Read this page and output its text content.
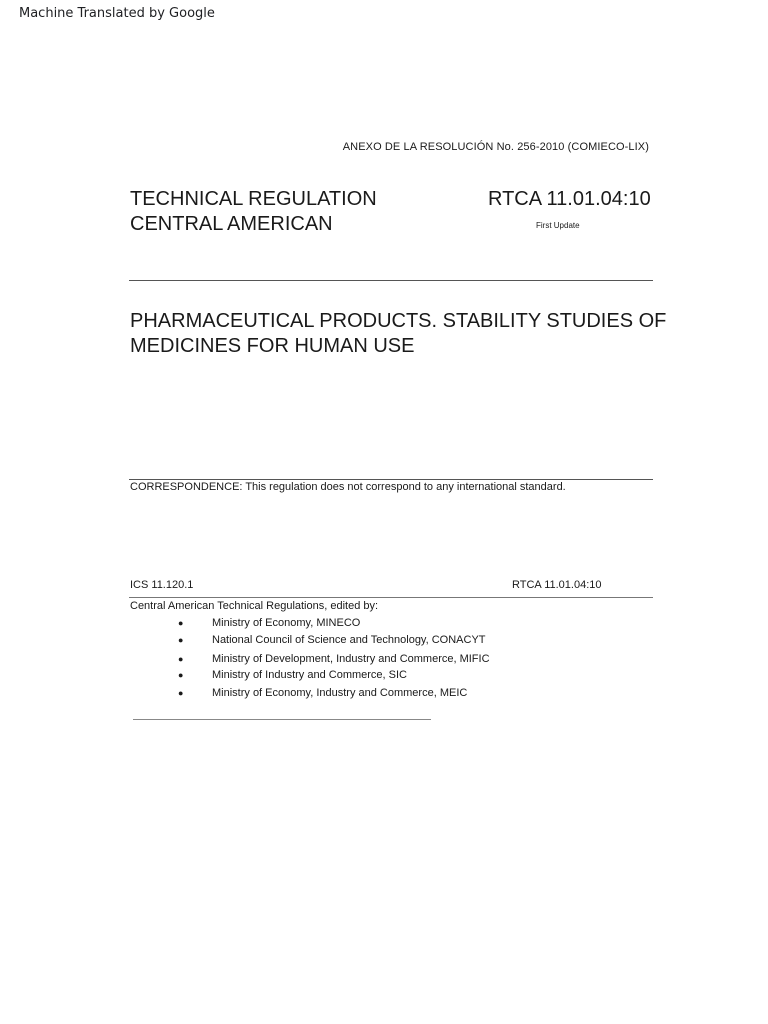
Machine Translated by Google
ANEXO DE LA RESOLUCIÓN No. 256-2010 (COMIECO-LIX)
TECHNICAL REGULATION
CENTRAL AMERICAN
RTCA 11.01.04:10
First Update
PHARMACEUTICAL PRODUCTS. STABILITY STUDIES OF
MEDICINES FOR HUMAN USE
CORRESPONDENCE: This regulation does not correspond to any international standard.
ICS 11.120.1	RTCA 11.01.04:10
Central American Technical Regulations, edited by:
●	Ministry of Economy, MINECO
●	National Council of Science and Technology, CONACYT
●	Ministry of Development, Industry and Commerce, MIFIC
●	Ministry of Industry and Commerce, SIC
●	Ministry of Economy, Industry and Commerce, MEIC
